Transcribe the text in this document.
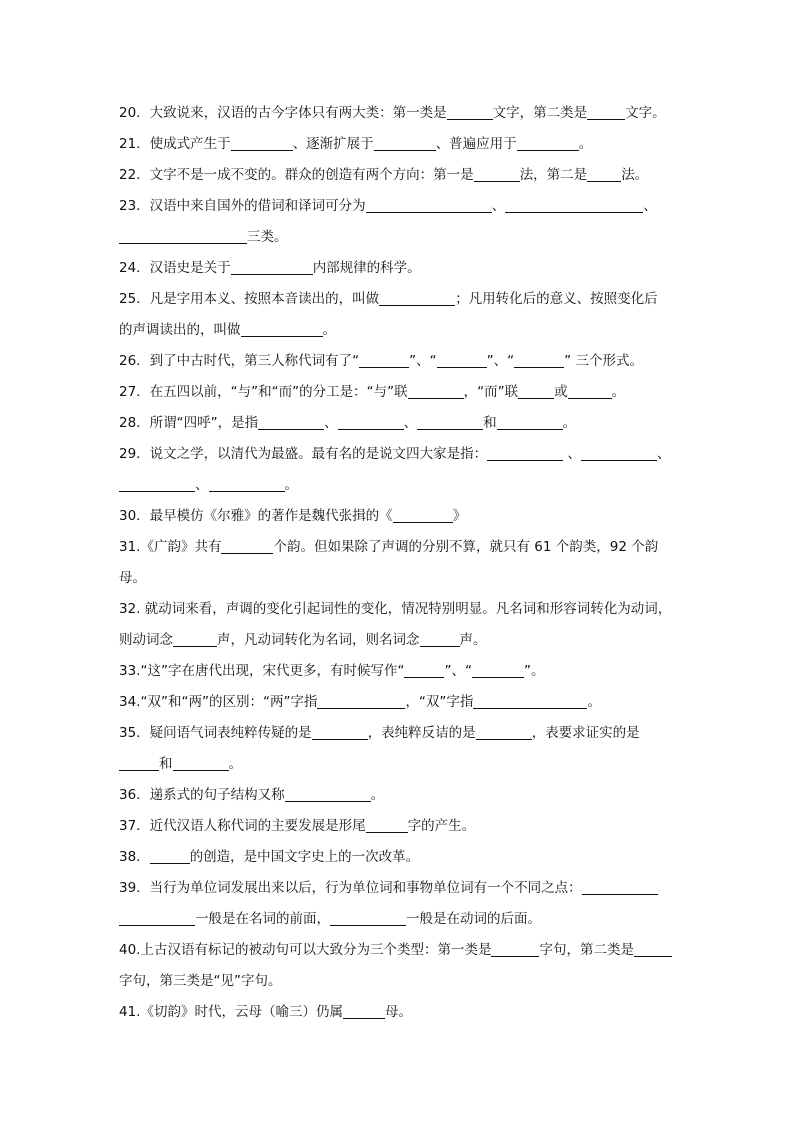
20．大致说来，汉语的古今字体只有两大类：第一类是	文字，第二类是	文字。
21．使成式产生于	、逐渐扩展于	、普遍应用于	。
22．文字不是一成不变的。群众的创造有两个方向：第一是	法，第二是	法。
23．汉语中来自国外的借词和译词可分为	、	、
三类。
24．汉语史是关于	内部规律的科学。
25．凡是字用本义、按照本音读出的，叫做	；凡用转化后的意义、按照变化后
的声调读出的，叫做	。
26．到了中古时代，第三人称代词有了“	”、“	”、“	” 三个形式。
27．在五四以前，“与”和“而”的分工是：“与”联	，“而”联	或	。
28．所谓“四呼”，是指	、	、	和	。
29．说文之学，以清代为最盛。最有名的是说文四大家是指：	、	、
、	。
30．最早模仿《尔雅》的著作是魏代张揖的《	》
31.《广韵》共有	个韵。但如果除了声调的分别不算，就只有 61 个韵类，92 个韵
母。
32. 就动词来看，声调的变化引起词性的变化，情况特别明显。凡名词和形容词转化为动词，
则动词念	声，凡动词转化为名词，则名词念	声。
33.“这”字在唐代出现，宋代更多，有时候写作“	”、“	”。
34.“双”和“两”的区别：“两”字指	，“双”字指	。
35．疑问语气词表纯粹传疑的是	，表纯粹反诘的是	，表要求证实的是
和	。
36．递系式的句子结构又称	。
37．近代汉语人称代词的主要发展是形尾	字的产生。
38．	的创造，是中国文字史上的一次改革。
39．当行为单位词发展出来以后，行为单位词和事物单位词有一个不同之点：
一般是在名词的前面，	一般是在动词的后面。
40.上古汉语有标记的被动句可以大致分为三个类型：第一类是	字句，第二类是
字句，第三类是“见”字句。
41.《切韵》时代，云母（喻三）仍属	母。
